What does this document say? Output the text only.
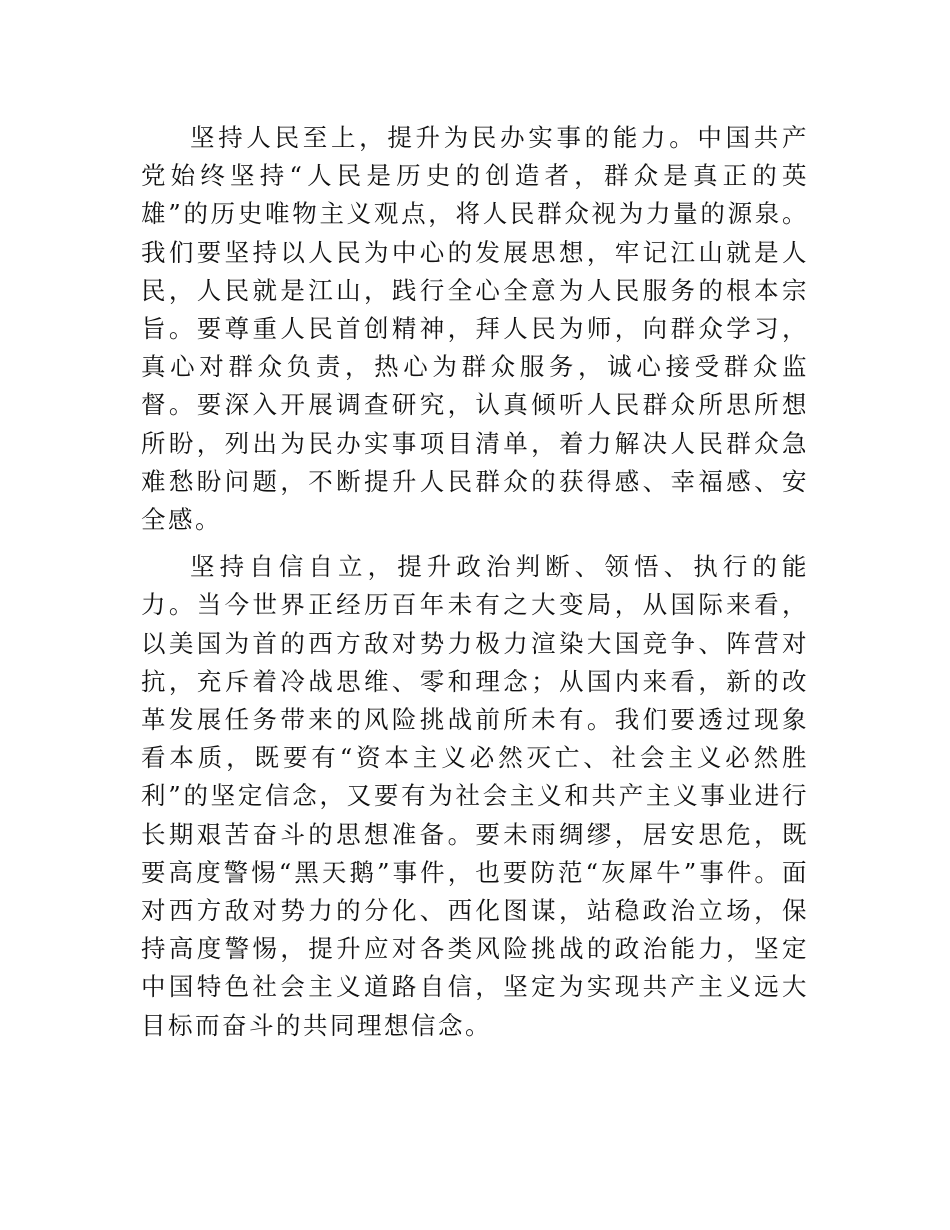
坚持人民至上，提升为民办实事的能力。中国共产党始终坚持“人民是历史的创造者，群众是真正的英雄”的历史唯物主义观点，将人民群众视为力量的源泉。我们要坚持以人民为中心的发展思想，牢记江山就是人民，人民就是江山，践行全心全意为人民服务的根本宗旨。要尊重人民首创精神，拜人民为师，向群众学习，真心对群众负责，热心为群众服务，诚心接受群众监督。要深入开展调查研究，认真倾听人民群众所思所想所盼，列出为民办实事项目清单，着力解决人民群众急难愁盼问题，不断提升人民群众的获得感、幸福感、安全感。

坚持自信自立，提升政治判断、领悟、执行的能力。当今世界正经历百年未有之大变局，从国际来看，以美国为首的西方敌对势力极力渲染大国竞争、阵营对抗，充斥着冷战思维、零和理念；从国内来看，新的改革发展任务带来的风险挑战前所未有。我们要透过现象看本质，既要有“资本主义必然灭亡、社会主义必然胜利”的坚定信念，又要有为社会主义和共产主义事业进行长期艰苦奋斗的思想准备。要未雨绸缪，居安思危，既要高度警惕“黑天鹅”事件，也要防范“灰犀牛”事件。面对西方敌对势力的分化、西化图谋，站稳政治立场，保持高度警惕，提升应对各类风险挑战的政治能力，坚定中国特色社会主义道路自信，坚定为实现共产主义远大目标而奋斗的共同理想信念。
